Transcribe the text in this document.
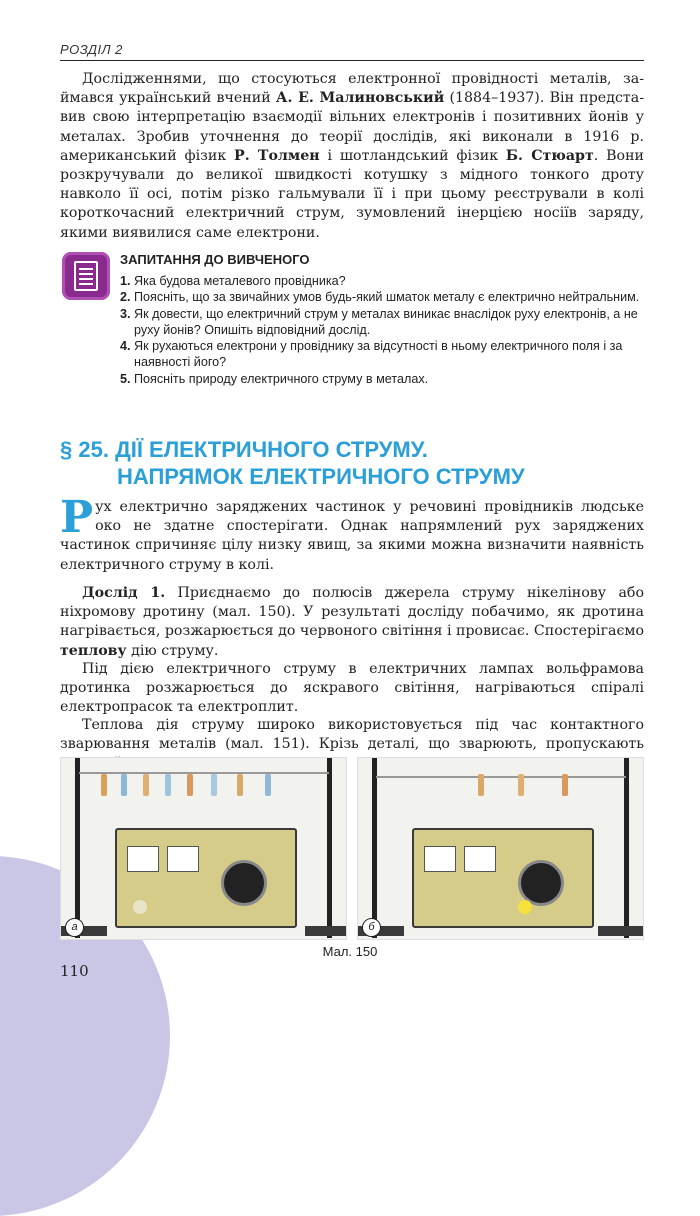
РОЗДІЛ 2

Дослідженнями, що стосуються електронної провідності металів, за-ймався український вчений А. Е. Малиновський (1884–1937). Він предста-вив свою інтерпретацію взаємодії вільних електронів і позитивних йонів у металах. Зробив уточнення до теорії дослідів, які виконали в 1916 р. американський фізик Р. Толмен і шотландський фізик Б. Стюарт. Вони розкручували до великої швидкості котушку з мідного тонкого дроту навколо її осі, потім різко гальмували її і при цьому реєстрували в колі короткочасний електричний струм, зумовлений інерцією носіїв заряду, якими виявилися саме електрони.

ЗАПИТАННЯ ДО ВИВЧЕНОГО
1. Яка будова металевого провідника?
2. Поясніть, що за звичайних умов будь-який шматок металу є електрично нейтральним.
3. Як довести, що електричний струм у металах виникає внаслідок руху електронів, а не руху йонів? Опишіть відповідний дослід.
4. Як рухаються електрони у провіднику за відсутності в ньому електричного поля і за наявності його?
5. Поясніть природу електричного струму в металах.
§ 25. ДІЇ ЕЛЕКТРИЧНОГО СТРУМУ.
НАПРЯМОК ЕЛЕКТРИЧНОГО СТРУМУ

Рух електрично заряджених частинок у речовині провідників людське око не здатне спостерігати. Однак напрямлений рух заряджених частинок спричиняє цілу низку явищ, за якими можна визначити наявність електричного струму в колі.

Дослід 1. Приєднаємо до полюсів джерела струму нікелінову або ніхромову дротину (мал. 150). У результаті досліду побачимо, як дротина нагрівається, розжарюється до червоного світіння і провисає. Спостерігаємо теплову дію струму.

Під дією електричного струму в електричних лампах вольфрамова дротинка розжарюється до яскравого світіння, нагріваються спіралі електропрасок та електроплит.

Теплова дія струму широко використовується під час контактного зварювання металів (мал. 151). Крізь деталі, що зварюють, пропускають

а	б
Мал. 150
110
